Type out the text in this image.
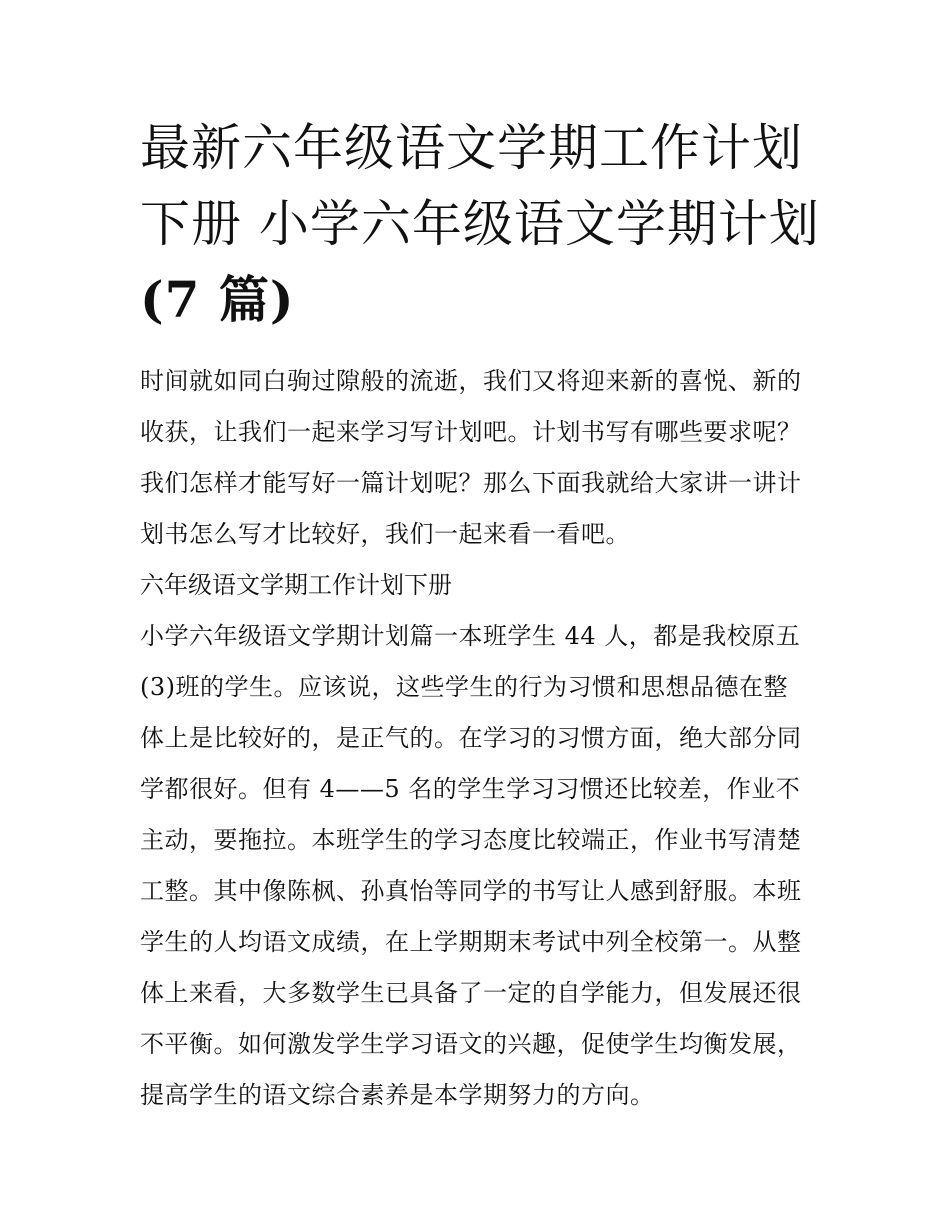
最新六年级语文学期工作计划
下册 小学六年级语文学期计划
(7 篇)

时间就如同白驹过隙般的流逝，我们又将迎来新的喜悦、新的
收获，让我们一起来学习写计划吧。计划书写有哪些要求呢？
我们怎样才能写好一篇计划呢？那么下面我就给大家讲一讲计
划书怎么写才比较好，我们一起来看一看吧。

六年级语文学期工作计划下册

小学六年级语文学期计划篇一本班学生 44 人，都是我校原五
(3)班的学生。应该说，这些学生的行为习惯和思想品德在整
体上是比较好的，是正气的。在学习的习惯方面，绝大部分同
学都很好。但有 4——5 名的学生学习习惯还比较差，作业不
主动，要拖拉。本班学生的学习态度比较端正，作业书写清楚
工整。其中像陈枫、孙真怡等同学的书写让人感到舒服。本班
学生的人均语文成绩，在上学期期末考试中列全校第一。从整
体上来看，大多数学生已具备了一定的自学能力，但发展还很
不平衡。如何激发学生学习语文的兴趣，促使学生均衡发展，
提高学生的语文综合素养是本学期努力的方向。
